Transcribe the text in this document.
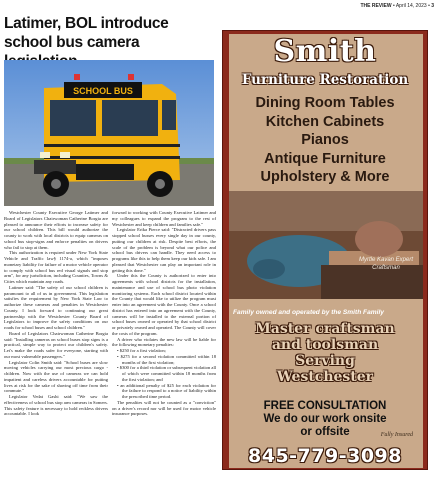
THE REVIEW • April 14, 2023 • 3
Latimer, BOL introduce school bus camera
SCHOOL BUS

Westchester County Executive George Latimer and Board of Legislators Chairwoman Catherine Borgia are pleased to announce their efforts to increase safety for our school children. This bill would authorize the county to work with local districts to equip cameras on school bus stop-signs and enforce penalties on drivers who fail to stop at them.

This authorization is required under New York State Vehicle and Traffic law§ 1174-a, which "imposes monetary liability for failure of a motor vehicle operator to comply with school bus red visual signals and stop arm", for any jurisdiction, including Counties, Towns & Cities which maintain any roads.

Latimer said: "The safety of our school children is paramount to all of us in government. This legislation satisfies the requirement by New York State Law to authorize these cameras and penalties in Westchester County. I look forward to continuing our great partnership with the Westchester County Board of Legislators to improve the safety conditions on our roads for school buses and school children."

Board of Legislators Chairwoman Catherine Borgia said: "Installing cameras on school buses stop signs is a practical, simple way to protect our children's safety. Let's make the roads safer for everyone, starting with our most vulnerable passengers."

Legislator Colin Smith said: "School buses are slow moving vehicles carrying our most precious cargo - children. Now with the use of cameras we can hold impatient and careless drivers accountable for putting lives at risk for the sake of shaving off time from their commute."

Legislator Vedat Gashi said: "We saw the effectiveness of school bus stop arm cameras in Somers. This safety feature is necessary to hold reckless drivers accountable. I look

forward to working with County Executive Latimer and my colleagues to expand the program to the rest of Westchester and keep children and families safe."

Legislator Erika Pierce said: "Distracted drivers pass stopped school busses every single day in our county, putting our children at risk. Despite best efforts, the scale of the problem is beyond what our police and school bus drivers can handle. They need access to programs like this to help them keep our kids safe. I am pleased that Westchester can play an important role in getting this done."

Under this the County is authorized to enter into agreements with school districts for the installation, maintenance and use of school bus photo violation monitoring systems. Each school district located within the County that would like to utilize the program must enter into an agreement with the County. Once a school district has entered into an agreement with the County, cameras will be installed to the external portion of school buses owned or operated by that school district or privately owned and operated. The County will cover the costs of the program.

A driver who violates the new law will be liable for the following monetary penalties:

• $250 for a first violation;

• $275 for a second violation committed within 18 months of the first violation;

• $300 for a third violation or subsequent violation all of which were committed within 18 months from the first violation; and

• an additional penalty of $25 for each violation for the failure to respond to a notice of liability within the prescribed time period.

The penalties will not be counted as a "conviction" on a driver's record nor will be used for motor vehicle insurance purposes.

Smith
Furniture Restoration
Dining Room Tables
Kitchen Cabinets
Pianos
Antique Furniture
Upholstery & More
Myrtle Kavan Expert Craftsman
Family owned and operated by the Smith Family
Master craftsman
and toolsman
Serving
Westchester
FREE CONSULTATION
We do our work onsite
or offsite	Fully Insured
845-779-3098
